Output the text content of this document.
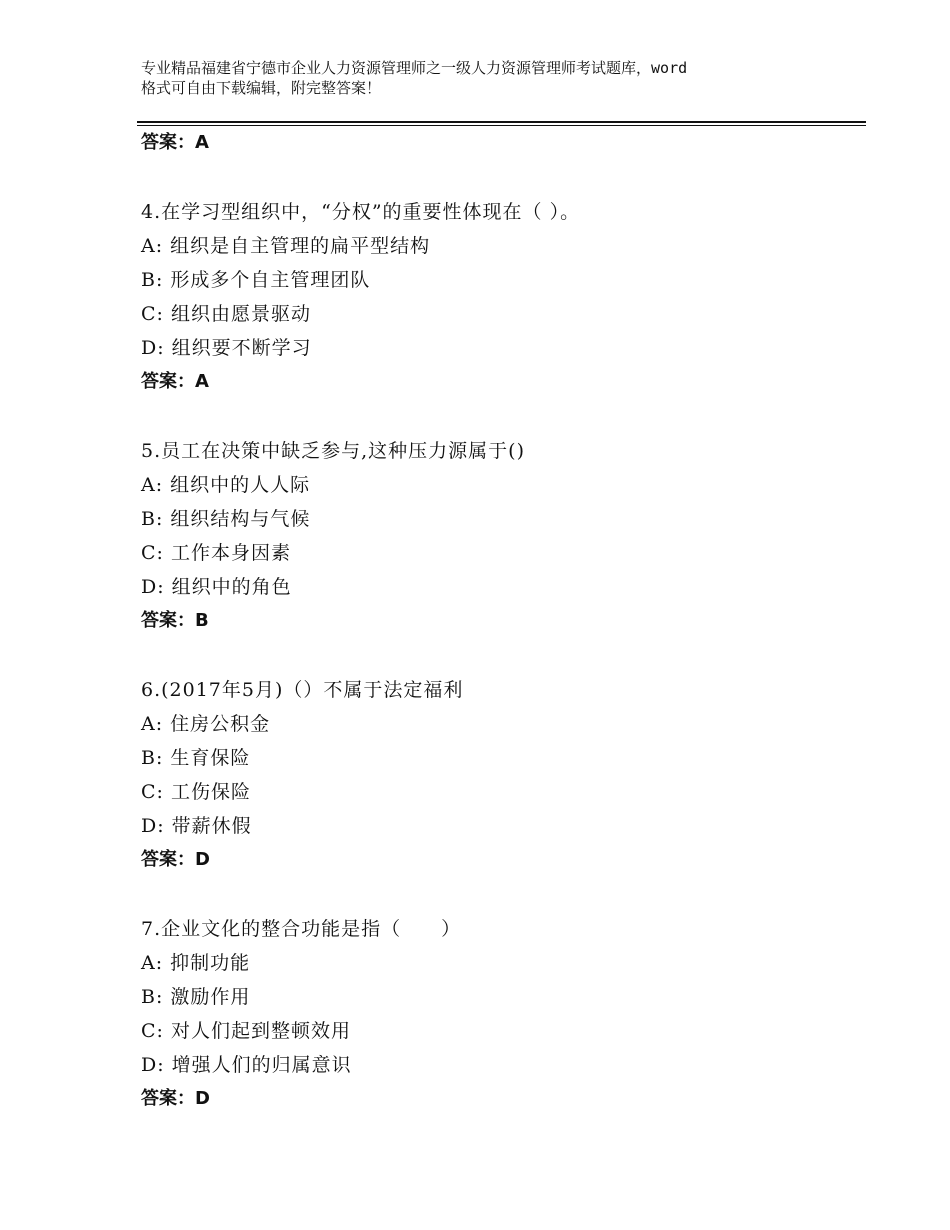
专业精品福建省宁德市企业人力资源管理师之一级人力资源管理师考试题库，word
格式可自由下载编辑，附完整答案！
答案：A
4.在学习型组织中，“分权”的重要性体现在（ ）。
A: 组织是自主管理的扁平型结构
B: 形成多个自主管理团队
C: 组织由愿景驱动
D: 组织要不断学习
答案：A
5.员工在决策中缺乏参与,这种压力源属于()
A: 组织中的人人际
B: 组织结构与气候
C: 工作本身因素
D: 组织中的角色
答案：B
6.(2017年5月)（）不属于法定福利
A: 住房公积金
B: 生育保险
C: 工伤保险
D: 带薪休假
答案：D
7.企业文化的整合功能是指（　　）
A: 抑制功能
B: 激励作用
C: 对人们起到整顿效用
D: 增强人们的归属意识
答案：D
